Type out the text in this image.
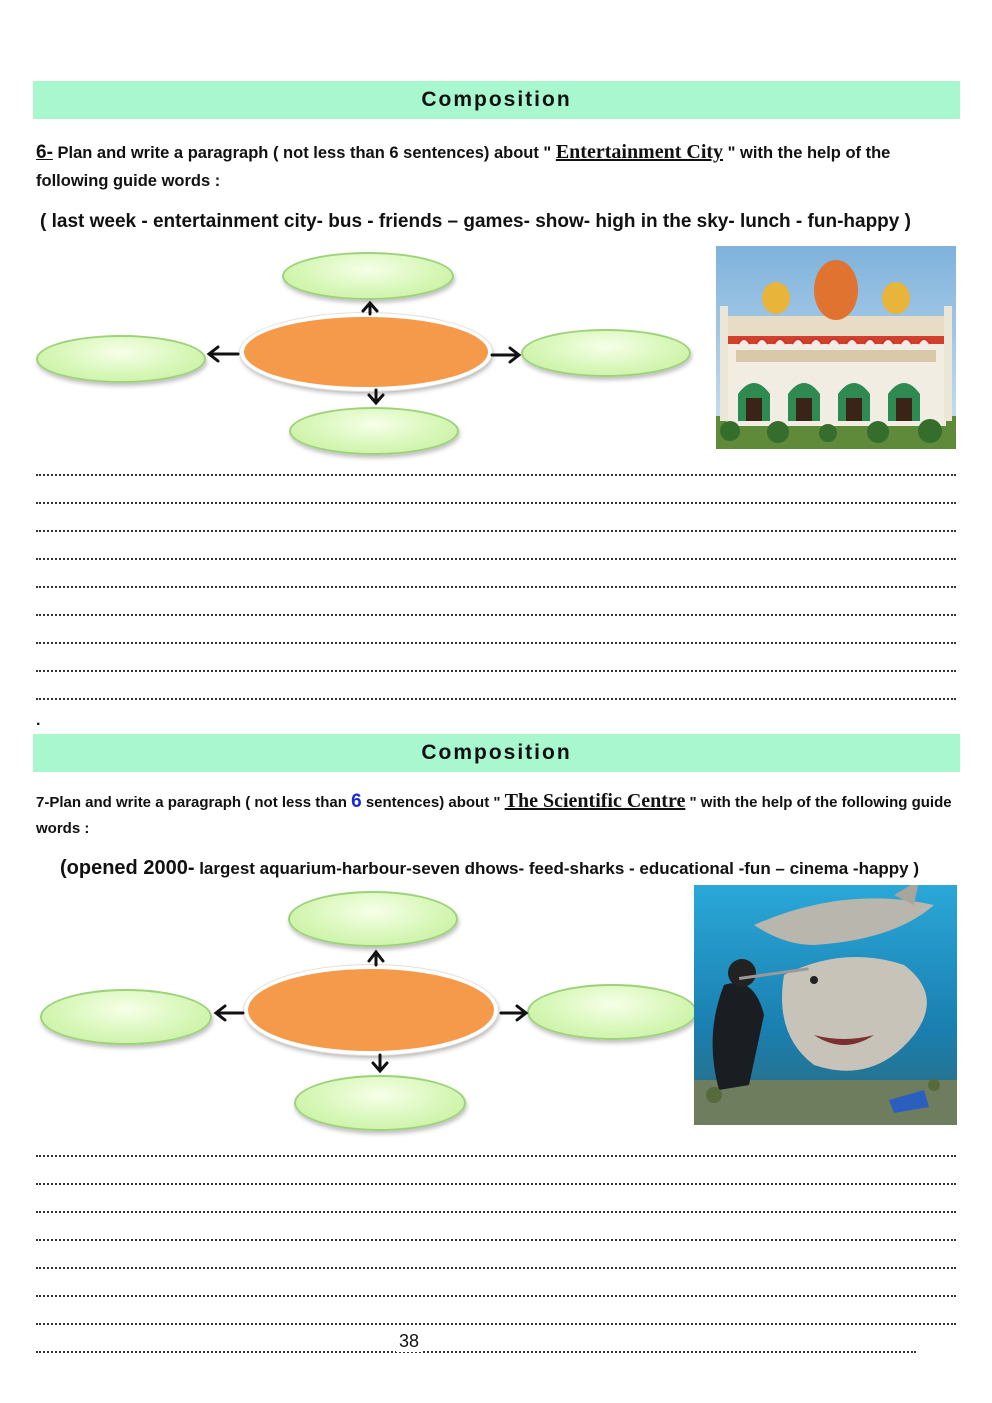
Composition
6- Plan and write a paragraph ( not less than 6 sentences) about " Entertainment City " with the help of the following guide words :
( last week - entertainment city- bus - friends – games- show- high in the sky- lunch - fun-happy )
.
Composition
7-Plan and write a paragraph ( not less than 6 sentences) about " The Scientific Centre " with the help of the following guide words :
(opened 2000- largest aquarium-harbour-seven dhows- feed-sharks - educational -fun – cinema -happy )
38
